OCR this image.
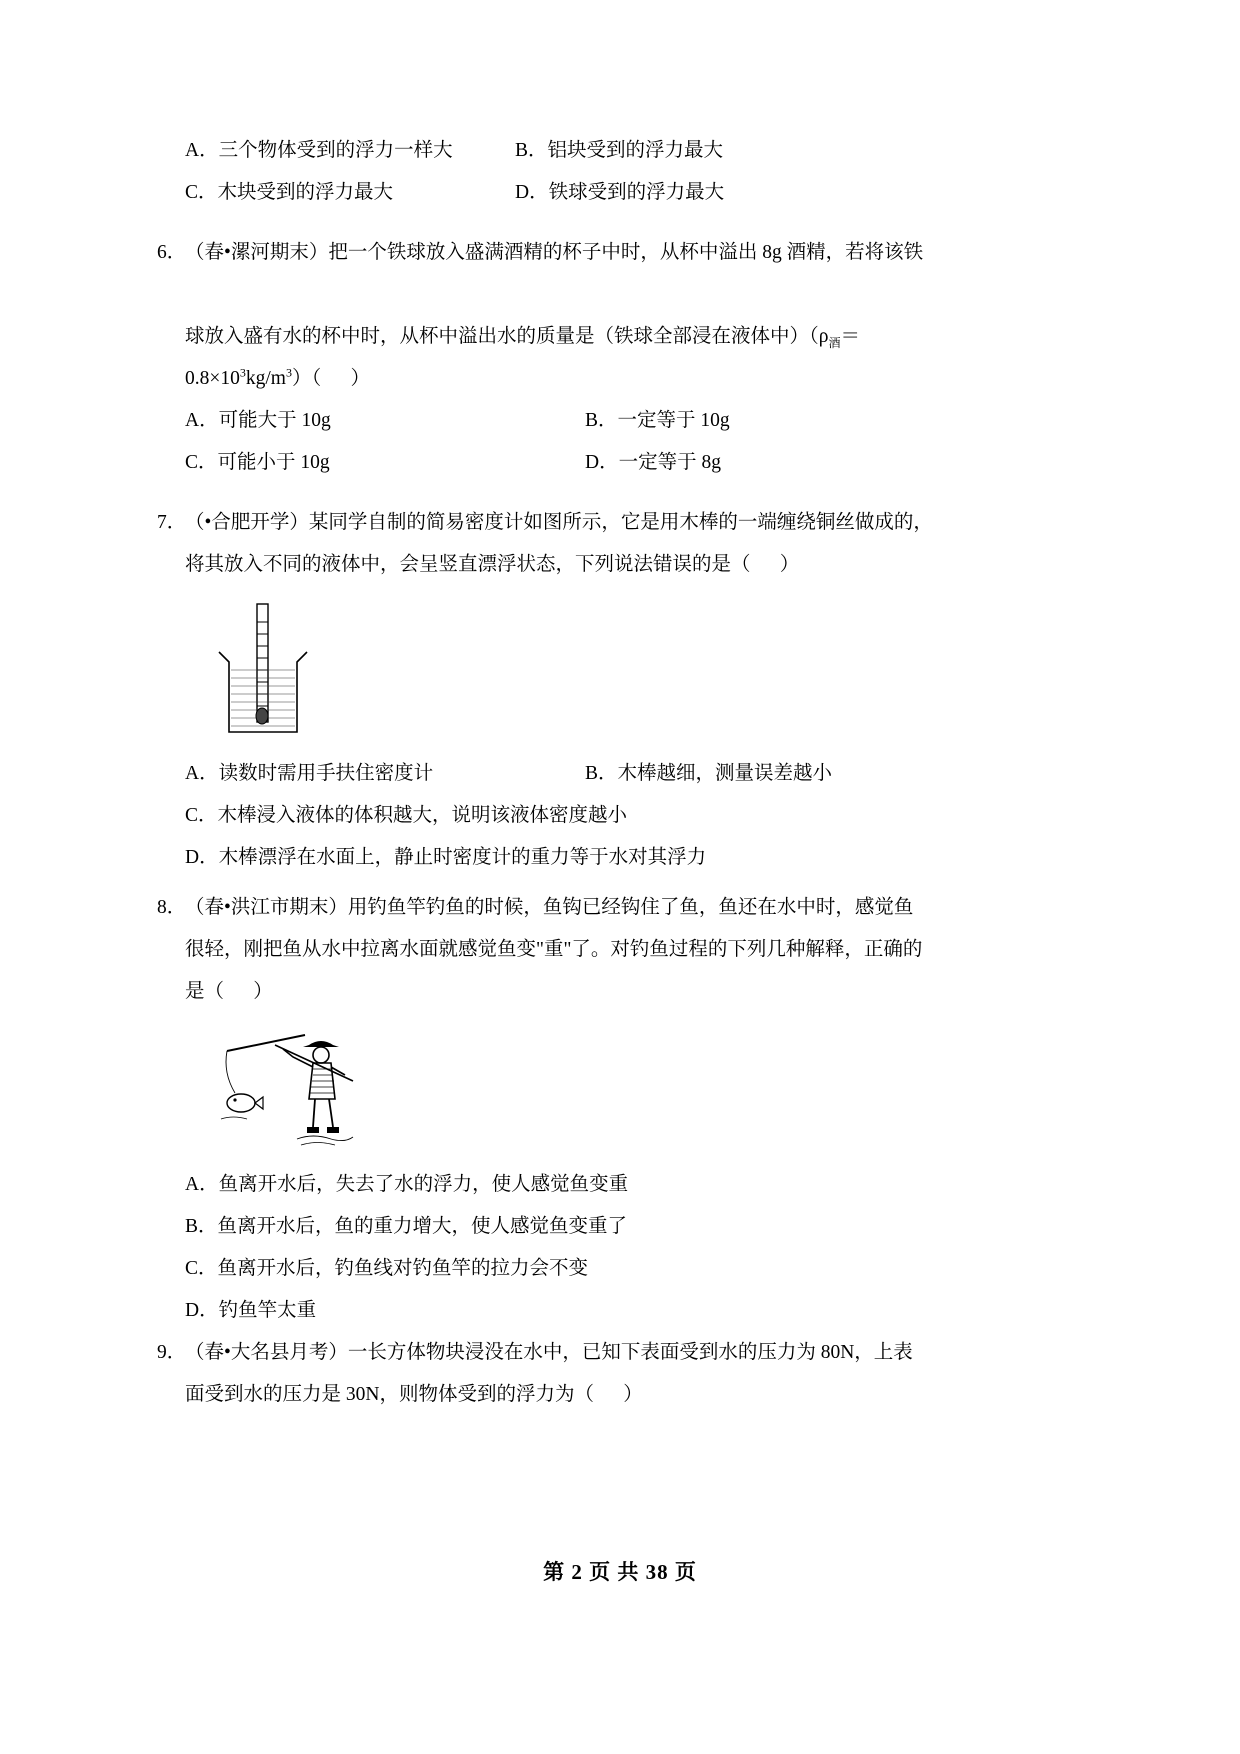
A．三个物体受到的浮力一样大	B．铝块受到的浮力最大
C．木块受到的浮力最大	D．铁球受到的浮力最大
6．
（春•漯河期末）把一个铁球放入盛满酒精的杯子中时，从杯中溢出 8g 酒精，若将该铁
球放入盛有水的杯中时，从杯中溢出水的质量是（铁球全部浸在液体中）（$\rho_酒=$
$0.8\times 10^3kg/m^3$）（      ）
A．可能大于 10g	B．一定等于 10g
C．可能小于 10g	D．一定等于 8g
7．
（•合肥开学）某同学自制的简易密度计如图所示，它是用木棒的一端缠绕铜丝做成的，
将其放入不同的液体中，会呈竖直漂浮状态，下列说法错误的是（      ）
A．读数时需用手扶住密度计	B．木棒越细，测量误差越小
C．木棒浸入液体的体积越大，说明该液体密度越小
D．木棒漂浮在水面上，静止时密度计的重力等于水对其浮力
8．
（春•洪江市期末）用钓鱼竿钓鱼的时候，鱼钩已经钩住了鱼，鱼还在水中时，感觉鱼
很轻，刚把鱼从水中拉离水面就感觉鱼变"重"了。对钓鱼过程的下列几种解释，正确的
是（      ）
A．鱼离开水后，失去了水的浮力，使人感觉鱼变重
B．鱼离开水后，鱼的重力增大，使人感觉鱼变重了
C．鱼离开水后，钓鱼线对钓鱼竿的拉力会不变
D．钓鱼竿太重
9．
（春•大名县月考）一长方体物块浸没在水中，已知下表面受到水的压力为 80N，上表
面受到水的压力是 30N，则物体受到的浮力为（      ）
第 2 页 共 38 页
